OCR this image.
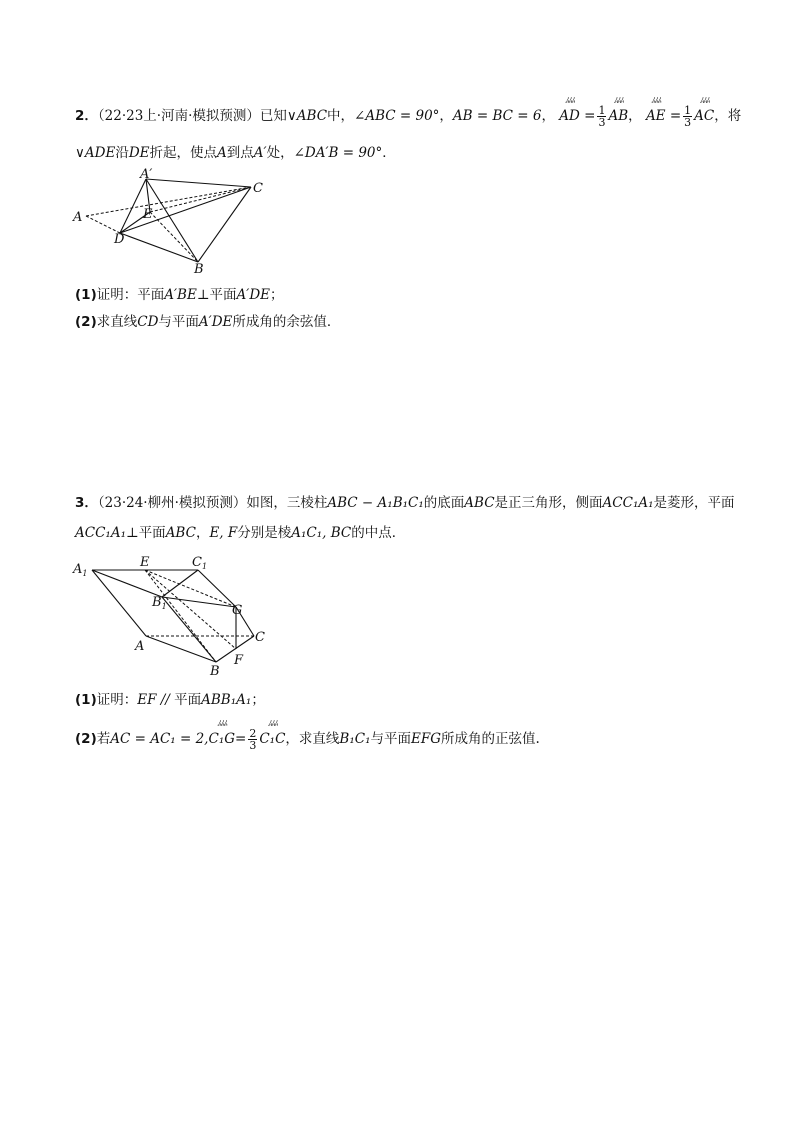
2．（22·23上·河南·模拟预测）已知∨ABC中，∠ABC = 90°，AB = BC = 6，
ﾑﾑﾑ
AD = $\frac{1}{3}$
ﾑﾑﾑ
AB，
ﾑﾑﾑ
AE = $\frac{1}{3}$
ﾑﾑﾑ
AC，将
∨ADE沿DE折起，使点A到点A′处，∠DA′B = 90°．
A′
C
A	E
D
B
(1)证明：平面A′BE⊥平面A′DE；
(2)求直线CD与平面A′DE所成角的余弦值．
3．（23·24·柳州·模拟预测）如图，三棱柱ABC − A₁B₁C₁的底面ABC是正三角形，侧面ACC₁A₁是菱形，平面
ACC₁A₁⊥平面ABC，E, F分别是棱A₁C₁, BC的中点．
$A_1$
E	$C_1$
$B_1$	G
C
A
F
B
(1)证明：EF // 平面ABB₁A₁；
(2)若AC = AC₁ = 2,
ﾑﾑﾑ
$C_1G= \frac{2}{3}$
ﾑﾑﾑ
C₁C，求直线B₁C₁与平面EFG所成角的正弦值.
